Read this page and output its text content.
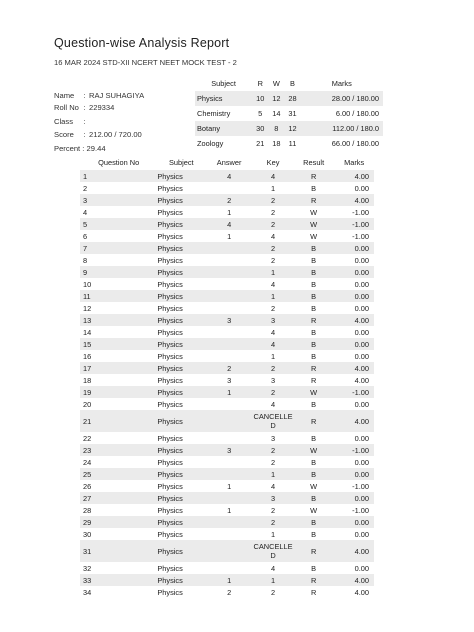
Question-wise Analysis Report
16 MAR 2024 STD-XII NCERT NEET MOCK TEST - 2
Name : RAJ SUHAGIYA
Roll No : 229334
Class :
Score : 212.00 / 720.00
Percent : 29.44
Subject	R	W	B	Marks
Physics	10	12	28	28.00 / 180.00
Chemistry	5	14	31	6.00 / 180.00
Botany	30	8	12	112.00 / 180.0
Zoology	21	18	11	66.00 / 180.00
Question No	Subject	Answer	Key	Result	Marks
1	Physics	4	4	R	4.00
2	Physics		1	B	0.00
3	Physics	2	2	R	4.00
4	Physics	1	2	W	-1.00
5	Physics	4	2	W	-1.00
6	Physics	1	4	W	-1.00
7	Physics		2	B	0.00
8	Physics		2	B	0.00
9	Physics		1	B	0.00
10	Physics		4	B	0.00
11	Physics		1	B	0.00
12	Physics		2	B	0.00
13	Physics	3	3	R	4.00
14	Physics		4	B	0.00
15	Physics		4	B	0.00
16	Physics		1	B	0.00
17	Physics	2	2	R	4.00
18	Physics	3	3	R	4.00
19	Physics	1	2	W	-1.00
20	Physics		4	B	0.00
21	Physics		CANCELLED	R	4.00
22	Physics		3	B	0.00
23	Physics	3	2	W	-1.00
24	Physics		2	B	0.00
25	Physics		1	B	0.00
26	Physics	1	4	W	-1.00
27	Physics		3	B	0.00
28	Physics	1	2	W	-1.00
29	Physics		2	B	0.00
30	Physics		1	B	0.00
31	Physics		CANCELLED	R	4.00
32	Physics		4	B	0.00
33	Physics	1	1	R	4.00
34	Physics	2	2	R	4.00
